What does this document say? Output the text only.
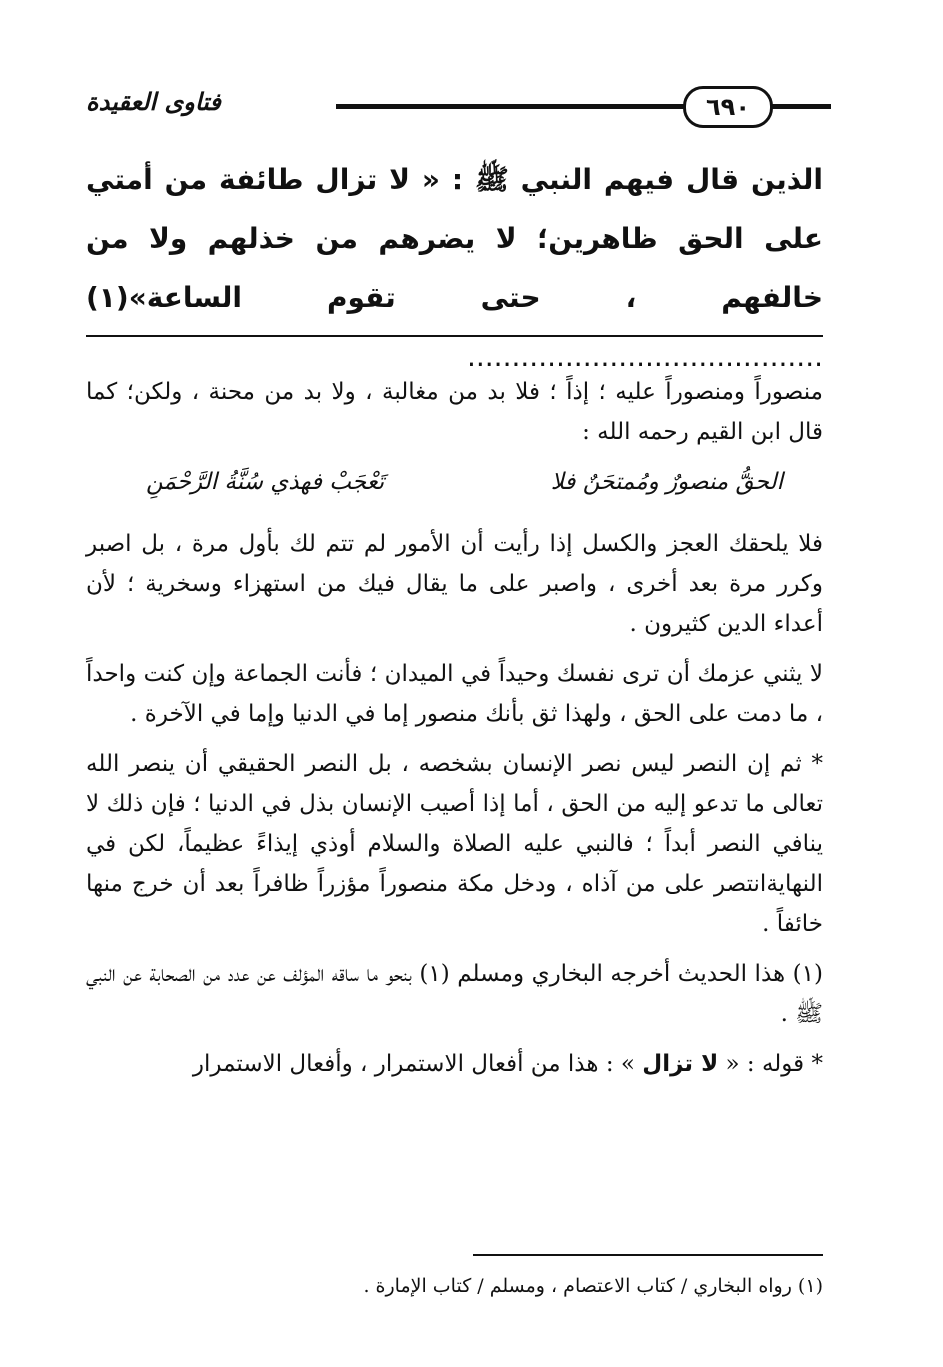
٦٩٠
فتاوى العقيدة
الذين قال فيهم النبي ﷺ : « لا تزال طائفة من أمتي على الحق ظاهرين؛ لا يضرهم من خذلهم ولا من خالفهم ، حتى تقوم الساعة»(١) ........................................

منصوراً ومنصوراً عليه ؛ إذاً ؛ فلا بد من مغالبة ، ولا بد من محنة ، ولكن؛ كما قال ابن القيم رحمه الله :

الحقُّ منصورٌ ومُمتحَنٌ فلا
تَعْجَبْ فهذي سُنَّةُ الرَّحْمَنِ

فلا يلحقك العجز والكسل إذا رأيت أن الأمور لم تتم لك بأول مرة ، بل اصبر وكرر مرة بعد أخرى ، واصبر على ما يقال فيك من استهزاء وسخرية ؛ لأن أعداء الدين كثيرون .

لا يثني عزمك أن ترى نفسك وحيداً في الميدان ؛ فأنت الجماعة وإن كنت واحداً ، ما دمت على الحق ، ولهذا ثق بأنك منصور إما في الدنيا وإما في الآخرة .

* ثم إن النصر ليس نصر الإنسان بشخصه ، بل النصر الحقيقي أن ينصر الله تعالى ما تدعو إليه من الحق ، أما إذا أصيب الإنسان بذل في الدنيا ؛ فإن ذلك لا ينافي النصر أبداً ؛ فالنبي عليه الصلاة والسلام أوذي إيذاءً عظيماً، لكن في النهايةانتصر على من آذاه ، ودخل مكة منصوراً مؤزراً ظافراً بعد أن خرج منها خائفاً .

(١) هذا الحديث أخرجه البخاري ومسلم (١) بنحو ما ساقه المؤلف عن عدد من الصحابة عن النبي ﷺ .

* قوله : « لا تزال » : هذا من أفعال الاستمرار ، وأفعال الاستمرار

(١) رواه البخاري / كتاب الاعتصام ، ومسلم / كتاب الإمارة .
